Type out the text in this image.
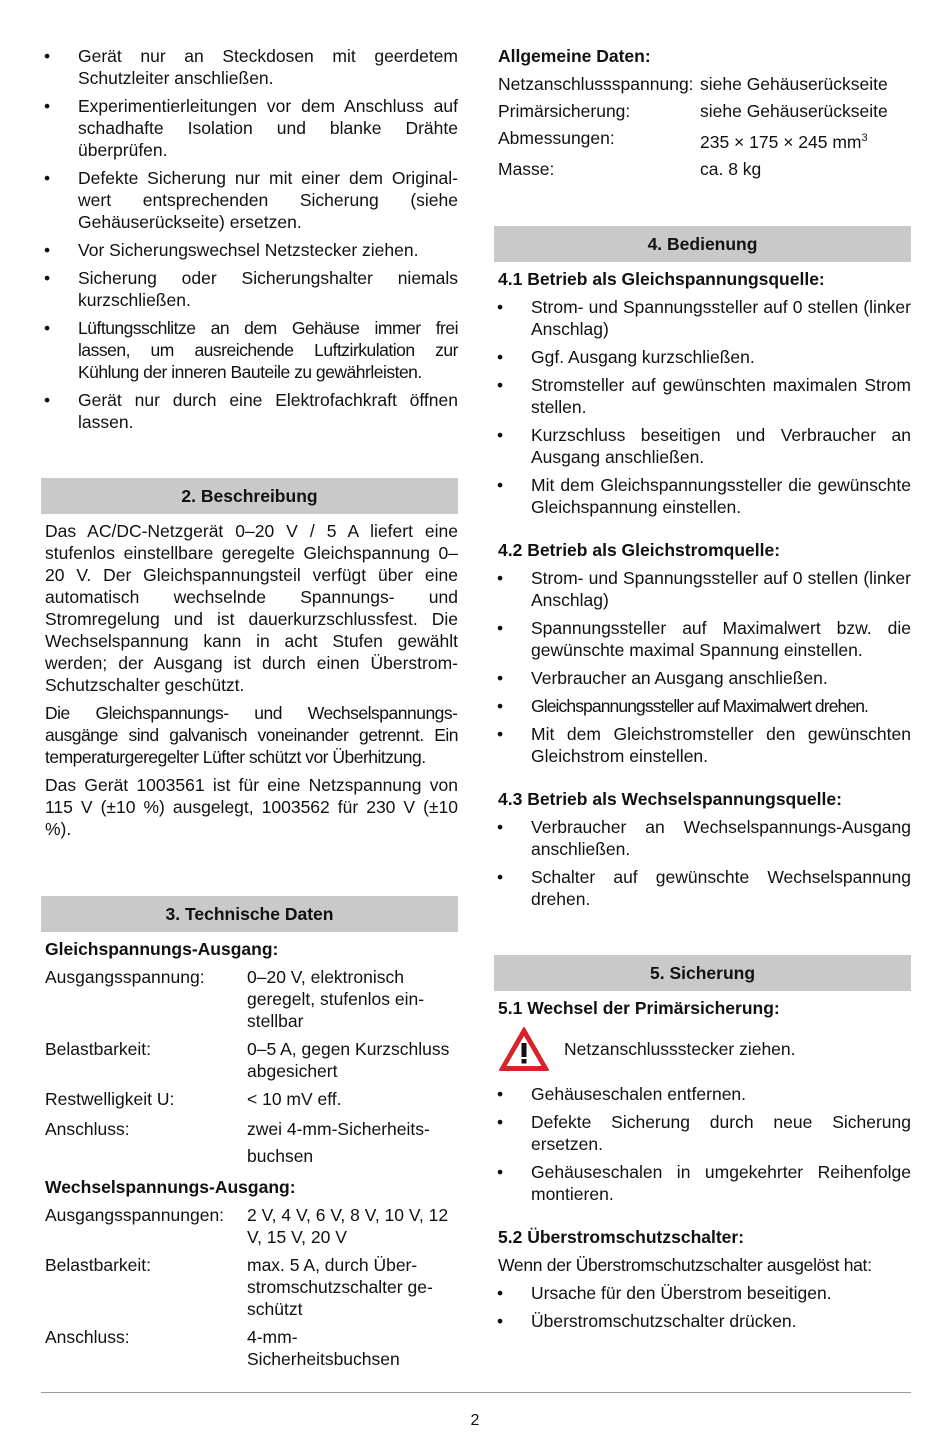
• Gerät nur an Steckdosen mit geerdetem Schutzleiter anschließen.
• Experimentierleitungen vor dem Anschluss auf schadhafte Isolation und blanke Drähte überprüfen.
• Defekte Sicherung nur mit einer dem Originalwert entsprechenden Sicherung (siehe Gehäuserückseite) ersetzen.
• Vor Sicherungswechsel Netzstecker ziehen.
• Sicherung oder Sicherungshalter niemals kurzschließen.
• Lüftungsschlitze an dem Gehäuse immer frei lassen, um ausreichende Luftzirkulation zur Kühlung der inneren Bauteile zu gewährleisten.
• Gerät nur durch eine Elektrofachkraft öffnen lassen.
2. Beschreibung

Das AC/DC-Netzgerät 0–20 V / 5 A liefert eine stufenlos einstellbare geregelte Gleichspannung 0–20 V. Der Gleichspannungsteil verfügt über eine automatisch wechselnde Spannungs- und Stromregelung und ist dauerkurzschlussfest. Die Wechselspannung kann in acht Stufen gewählt werden; der Ausgang ist durch einen Überstrom-Schutzschalter geschützt.

Die Gleichspannungs- und Wechselspannungsausgänge sind galvanisch voneinander getrennt. Ein temperaturgeregelter Lüfter schützt vor Überhitzung.

Das Gerät 1003561 ist für eine Netzspannung von 115 V (±10 %) ausgelegt, 1003562 für 230 V (±10 %).

3. Technische Daten
Gleichspannungs-Ausgang:
Ausgangsspannung:	0–20 V, elektronisch geregelt, stufenlos einstellbar
Belastbarkeit:	0–5 A, gegen Kurzschluss abgesichert
Restwelligkeit U:	< 10 mV eff.
Anschluss:	zwei 4-mm-Sicherheitsbuchsen
Wechselspannungs-Ausgang:
Ausgangsspannungen:	2 V, 4 V, 6 V, 8 V, 10 V, 12 V, 15 V, 20 V
Belastbarkeit:	max. 5 A, durch Überstromschutzschalter geschützt
Anschluss:	4-mm-Sicherheitsbuchsen
Allgemeine Daten:
Netzanschlussspannung: siehe Gehäuserückseite
Primärsicherung:	siehe Gehäuserückseite
Abmessungen:	235 × 175 × 245 $mm^3$
Masse:	ca. 8 kg
4. Bedienung
4.1 Betrieb als Gleichspannungsquelle:
• Strom- und Spannungssteller auf 0 stellen (linker Anschlag)
• Ggf. Ausgang kurzschließen.
• Stromsteller auf gewünschten maximalen Strom stellen.
• Kurzschluss beseitigen und Verbraucher an Ausgang anschließen.
• Mit dem Gleichspannungssteller die gewünschte Gleichspannung einstellen.
4.2 Betrieb als Gleichstromquelle:
• Strom- und Spannungssteller auf 0 stellen (linker Anschlag)
• Spannungssteller auf Maximalwert bzw. die gewünschte maximal Spannung einstellen.
• Verbraucher an Ausgang anschließen.
• Gleichspannungssteller auf Maximalwert drehen.
• Mit dem Gleichstromsteller den gewünschten Gleichstrom einstellen.
4.3 Betrieb als Wechselspannungsquelle:
• Verbraucher an Wechselspannungs-Ausgang anschließen.
• Schalter auf gewünschte Wechselspannung drehen.
5. Sicherung
5.1 Wechsel der Primärsicherung:
Netzanschlussstecker ziehen.
• Gehäuseschalen entfernen.
• Defekte Sicherung durch neue Sicherung ersetzen.
• Gehäuseschalen in umgekehrter Reihenfolge montieren.
5.2 Überstromschutzschalter:

Wenn der Überstromschutzschalter ausgelöst hat:

• Ursache für den Überstrom beseitigen.
• Überstromschutzschalter drücken.
2
